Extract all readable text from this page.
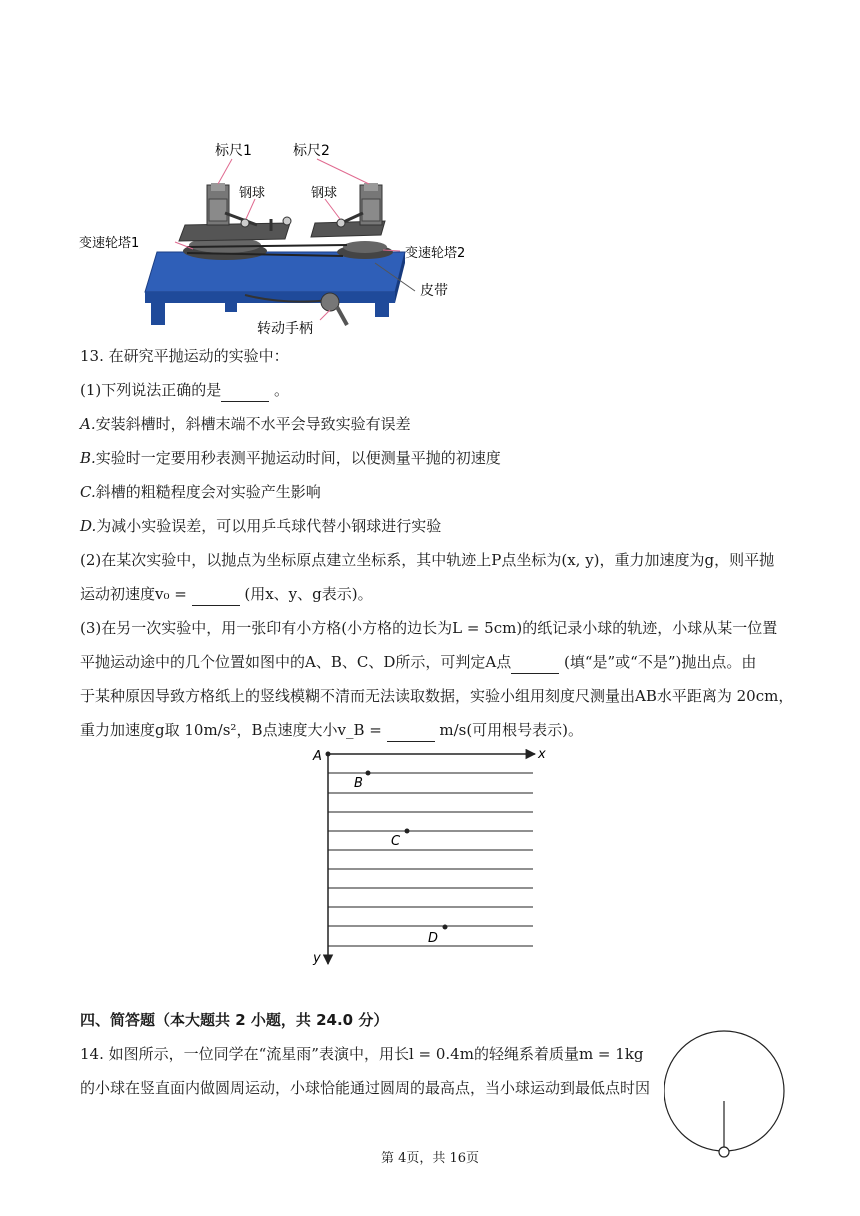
标尺1	标尺2
钢球	钢球
变速轮塔1
变速轮塔2
皮带
转动手柄
13. 在研究平抛运动的实验中：
(1)下列说法正确的是	。
A.安装斜槽时，斜槽末端不水平会导致实验有误差
B.实验时一定要用秒表测平抛运动时间，以便测量平抛的初速度
C.斜槽的粗糙程度会对实验产生影响
D.为减小实验误差，可以用乒乓球代替小钢球进行实验
(2)在某次实验中，以抛点为坐标原点建立坐标系，其中轨迹上P点坐标为(x, y)，重力加速度为g，则平抛
运动初速度v₀ =	(用x、y、g表示)。
(3)在另一次实验中，用一张印有小方格(小方格的边长为L = 5cm)的纸记录小球的轨迹，小球从某一位置
平抛运动途中的几个位置如图中的A、B、C、D所示，可判定A点	(填“是”或“不是”)抛出点。由
于某种原因导致方格纸上的竖线模糊不清而无法读取数据，实验小组用刻度尺测量出AB水平距离为 20cm，
重力加速度g取 10m/s²，B点速度大小v_B =	m/s(可用根号表示)。
A
B
C
D
x
y
四、简答题（本大题共 2 小题，共 24.0 分）
14. 如图所示，一位同学在“流星雨”表演中，用长l = 0.4m的轻绳系着质量m = 1kg
的小球在竖直面内做圆周运动，小球恰能通过圆周的最高点，当小球运动到最低点时因
第 4页，共 16页
